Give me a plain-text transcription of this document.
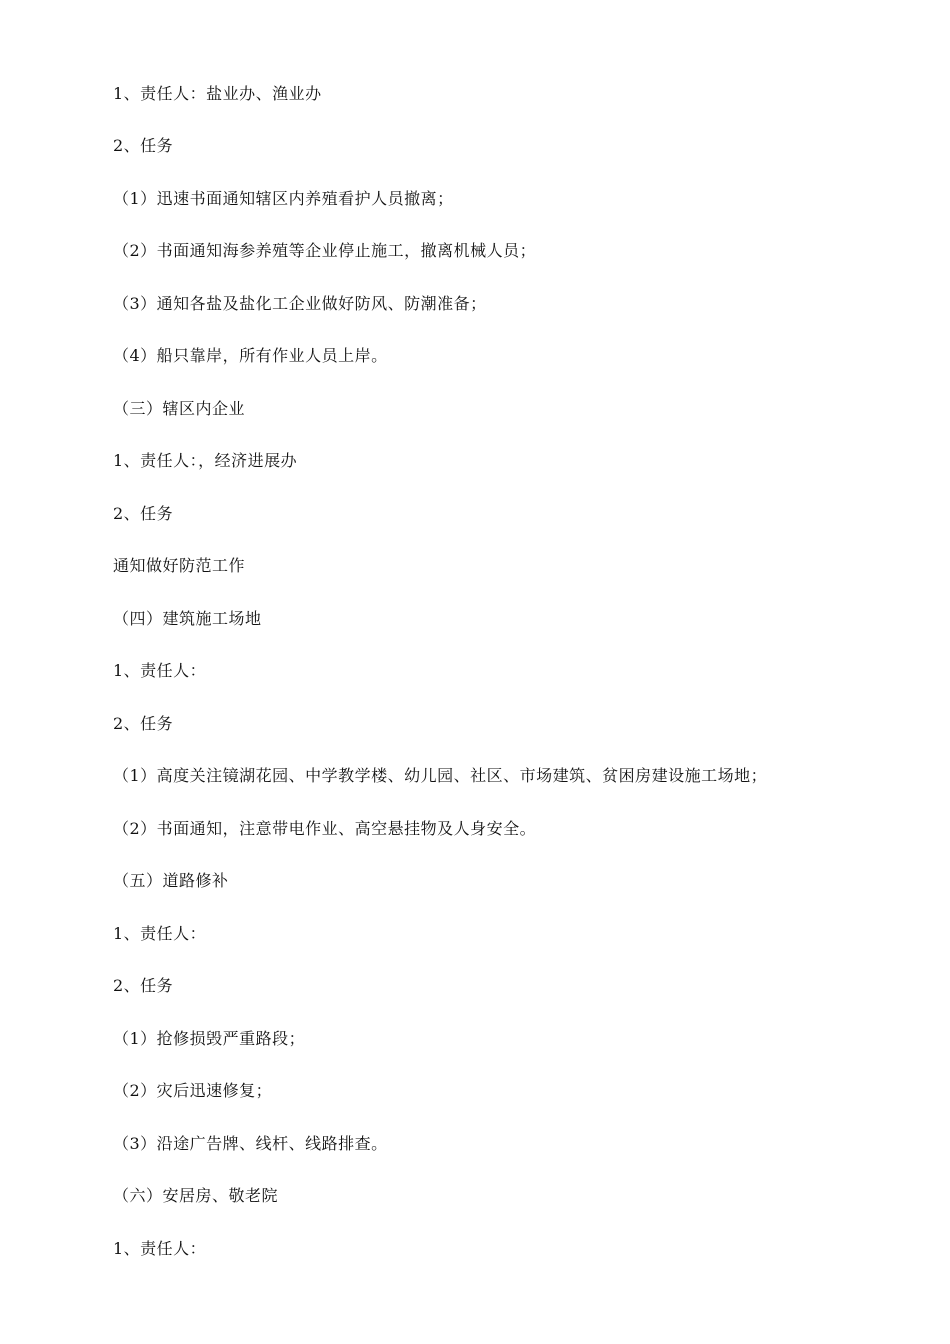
1、责任人：盐业办、渔业办
2、任务
（1）迅速书面通知辖区内养殖看护人员撤离；
（2）书面通知海参养殖等企业停止施工，撤离机械人员；
（3）通知各盐及盐化工企业做好防风、防潮准备；
（4）船只靠岸，所有作业人员上岸。
（三）辖区内企业
1、责任人：，经济进展办
2、任务
通知做好防范工作
（四）建筑施工场地
1、责任人：
2、任务
（1）高度关注镜湖花园、中学教学楼、幼儿园、社区、市场建筑、贫困房建设施工场地；
（2）书面通知，注意带电作业、高空悬挂物及人身安全。
（五）道路修补
1、责任人：
2、任务
（1）抢修损毁严重路段；
（2）灾后迅速修复；
（3）沿途广告牌、线杆、线路排查。
（六）安居房、敬老院
1、责任人：
